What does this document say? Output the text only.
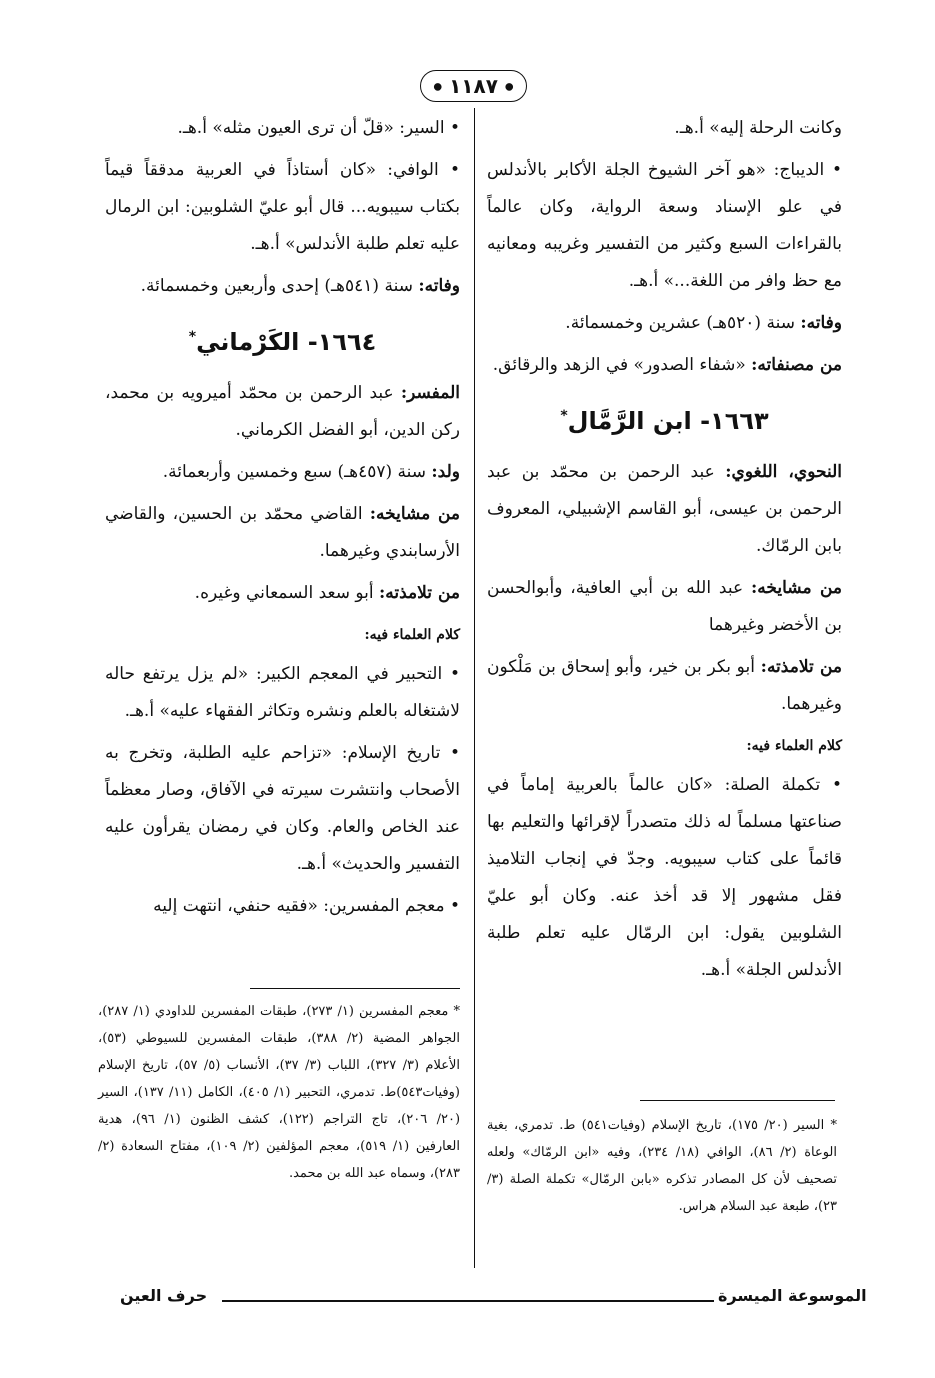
● ١١٨٧ ●

وكانت الرحلة إليه» أ.هـ.

• الديباج: «هو آخر الشيوخ الجلة الأكابر بالأندلس في علو الإسناد وسعة الرواية، وكان عالماً بالقراءات السبع وكثير من التفسير وغريبه ومعانيه مع حظ وافر من اللغة...» أ.هـ.

وفاته: سنة (٥٢٠هـ) عشرين وخمسمائة.

من مصنفاته: «شفاء الصدور» في الزهد والرقائق.

١٦٦٣- ابن الرَّمَّال*

النحوي، اللغوي: عبد الرحمن بن محمّد بن عبد الرحمن بن عيسى، أبو القاسم الإشبيلي، المعروف بابن الرمّاك.

من مشايخه: عبد الله بن أبي العافية، وأبوالحسن بن الأخضر وغيرهما

من تلامذته: أبو بكر بن خير، وأبو إسحاق بن مَلْكون وغيرهما.

كلام العلماء فيه:

• تكملة الصلة: «كان عالماً بالعربية إماماً في صناعتها مسلماً له ذلك متصدراً لإقرائها والتعليم بها قائماً على كتاب سيبويه. وجدّ في إنجاب التلاميذ فقل مشهور إلا قد أخذ عنه. وكان أبو عليّ الشلوبين يقول: ابن الرمّال عليه تعلم طلبة الأندلس الجلة» أ.هـ.

• السير: «قلّ أن ترى العيون مثله» أ.هـ.

• الوافي: «كان أستاذاً في العربية مدققاً قيماً بكتاب سيبويه... قال أبو عليّ الشلوبين: ابن الرمال عليه تعلم طلبة الأندلس» أ.هـ.

وفاته: سنة (٥٤١هـ) إحدى وأربعين وخمسمائة.

١٦٦٤- الكَرْماني*

المفسر: عبد الرحمن بن محمّد أميرويه بن محمد، ركن الدين، أبو الفضل الكرماني.

ولد: سنة (٤٥٧هـ) سبع وخمسين وأربعمائة.

من مشايخه: القاضي محمّد بن الحسين، والقاضي الأرسابندي وغيرهما.

من تلامذته: أبو سعد السمعاني وغيره.

كلام العلماء فيه:

• التحبير في المعجم الكبير: «لم يزل يرتفع حاله لاشتغاله بالعلم ونشره وتكاثر الفقهاء عليه» أ.هـ.

• تاريخ الإسلام: «تزاحم عليه الطلبة، وتخرج به الأصحاب وانتشرت سيرته في الآفاق، وصار معظماً عند الخاص والعام. وكان في رمضان يقرأون عليه التفسير والحديث» أ.هـ.

• معجم المفسرين: «فقيه حنفي، انتهت إليه

* السير (٢٠/ ١٧٥)، تاريخ الإسلام (وفيات٥٤١) ط. تدمري، بغية الوعاة (٢/ ٨٦)، الوافي (١٨/ ٢٣٤)، وفيه «ابن الرمّاك» ولعله تصحيف لأن كل المصادر تذكره «بابن الرمّال» تكملة الصلة (٣/ ٢٣)، طبعة عبد السلام هراس.
* معجم المفسرين (١/ ٢٧٣)، طبقات المفسرين للداودي (١/ ٢٨٧)، الجواهر المضية (٢/ ٣٨٨)، طبقات المفسرين للسيوطي (٥٣)، الأعلام (٣/ ٣٢٧)، اللباب (٣/ ٣٧)، الأنساب (٥/ ٥٧)، تاريخ الإسلام (وفيات٥٤٣)ط. تدمري، التحبير (١/ ٤٠٥)، الكامل (١١/ ١٣٧)، السير (٢٠/ ٢٠٦)، تاج التراجم (١٢٢)، كشف الظنون (١/ ٩٦)، هدية العارفين (١/ ٥١٩)، معجم المؤلفين (٢/ ١٠٩)، مفتاح السعادة (٢/ ٢٨٣)، وسماه عبد الله بن محمد.
الموسوعة الميسرة
حرف العين
